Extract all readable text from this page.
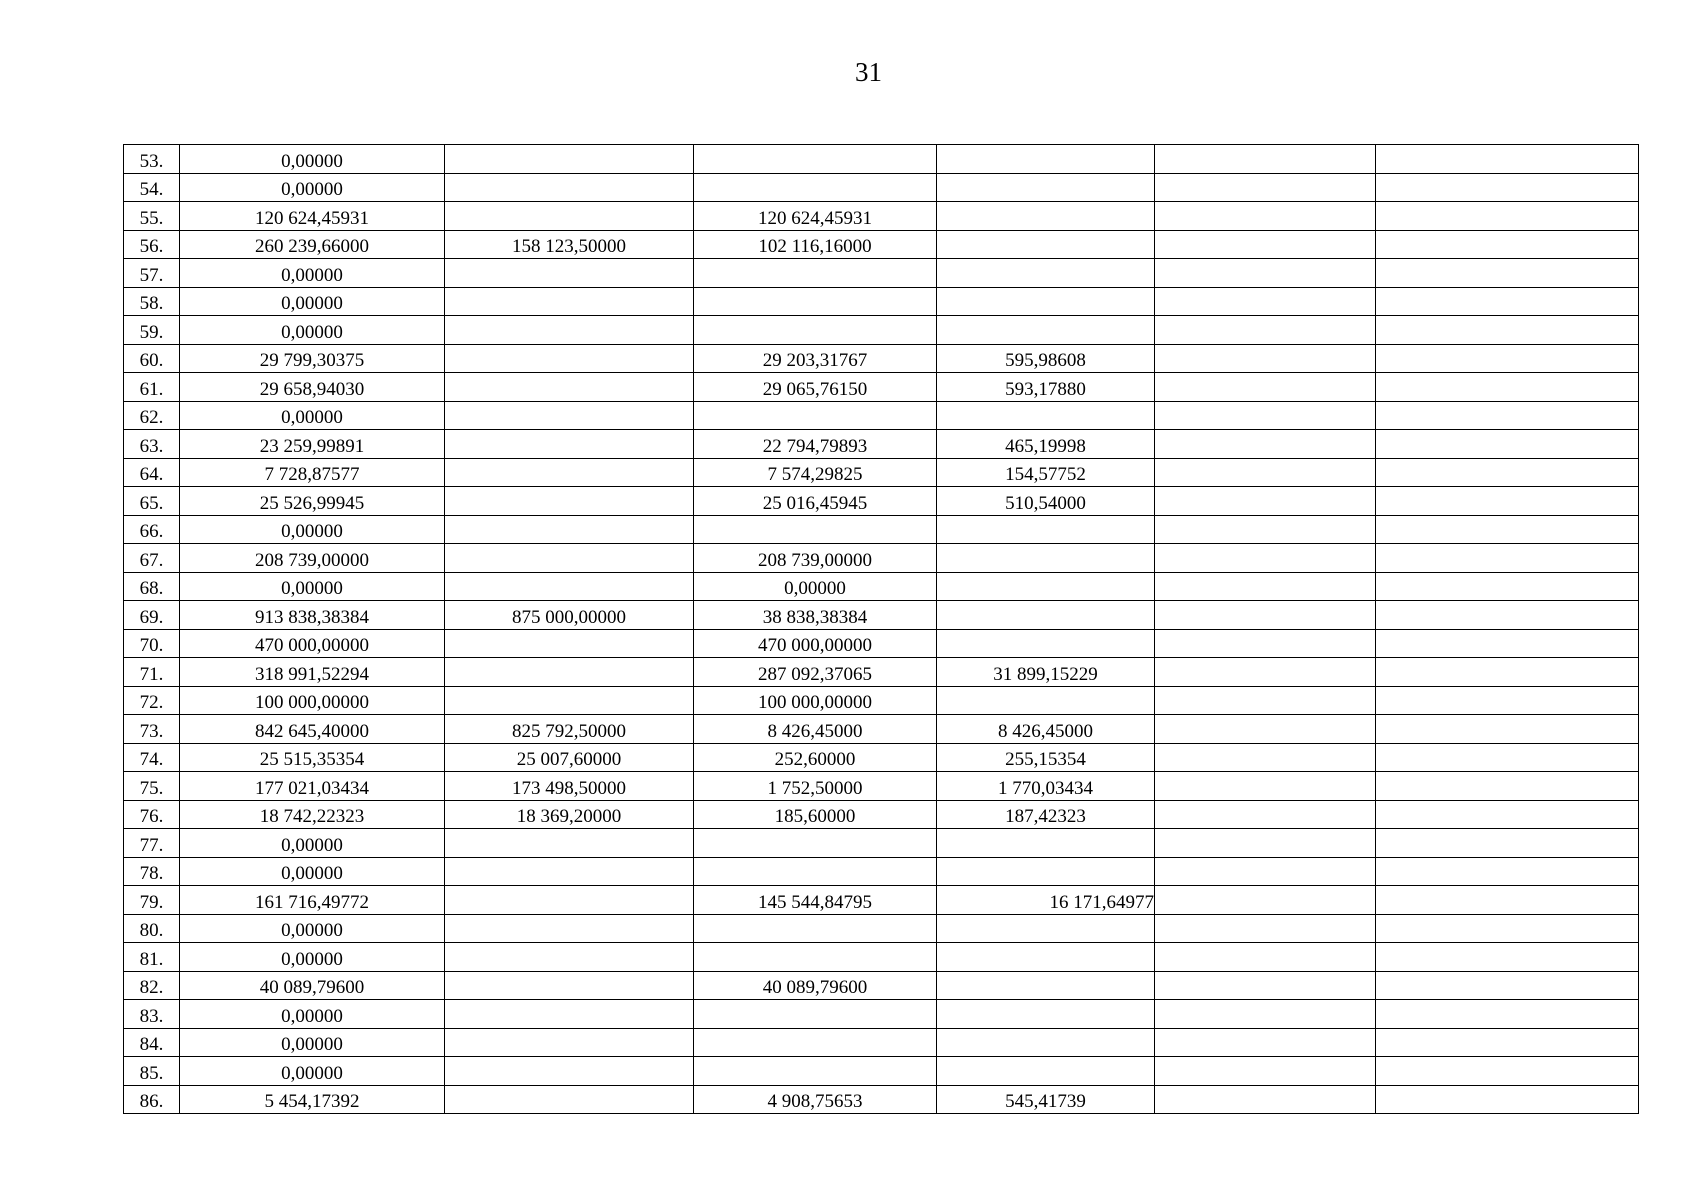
31
53.	0,00000					
54.	0,00000					
55.	120 624,45931		120 624,45931			
56.	260 239,66000	158 123,50000	102 116,16000			
57.	0,00000					
58.	0,00000					
59.	0,00000					
60.	29 799,30375		29 203,31767	595,98608		
61.	29 658,94030		29 065,76150	593,17880		
62.	0,00000					
63.	23 259,99891		22 794,79893	465,19998		
64.	7 728,87577		7 574,29825	154,57752		
65.	25 526,99945		25 016,45945	510,54000		
66.	0,00000					
67.	208 739,00000		208 739,00000			
68.	0,00000		0,00000			
69.	913 838,38384	875 000,00000	38 838,38384			
70.	470 000,00000		470 000,00000			
71.	318 991,52294		287 092,37065	31 899,15229		
72.	100 000,00000		100 000,00000			
73.	842 645,40000	825 792,50000	8 426,45000	8 426,45000		
74.	25 515,35354	25 007,60000	252,60000	255,15354		
75.	177 021,03434	173 498,50000	1 752,50000	1 770,03434		
76.	18 742,22323	18 369,20000	185,60000	187,42323		
77.	0,00000					
78.	0,00000					
79.	161 716,49772		145 544,84795	16 171,64977		
80.	0,00000					
81.	0,00000					
82.	40 089,79600		40 089,79600			
83.	0,00000					
84.	0,00000					
85.	0,00000					
86.	5 454,17392		4 908,75653	545,41739		
